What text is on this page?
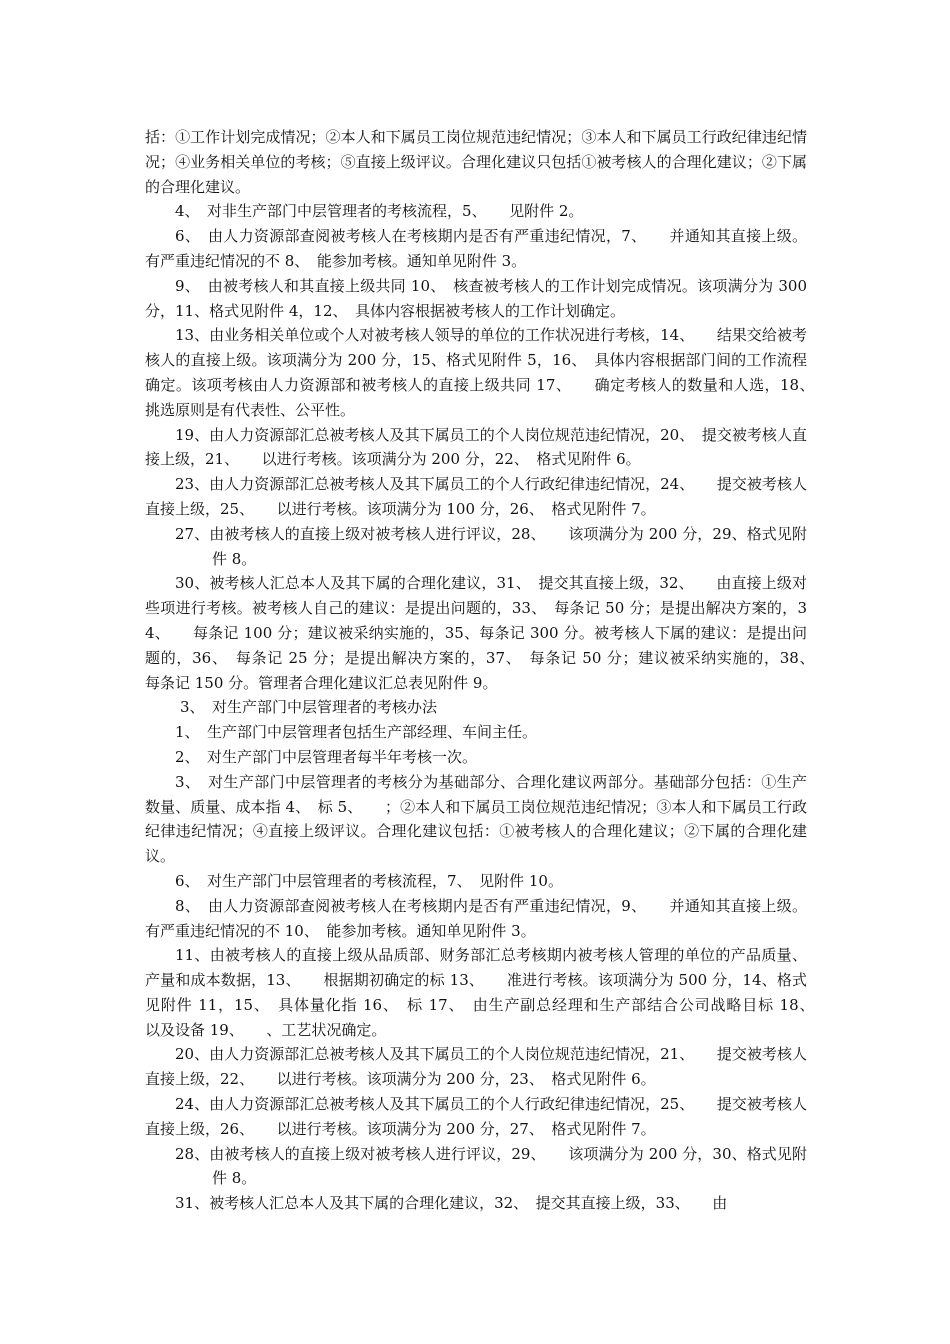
括：①工作计划完成情况；②本人和下属员工岗位规范违纪情况；③本人和下属员工行政纪律违纪情况；④业务相关单位的考核；⑤直接上级评议。合理化建议只包括①被考核人的合理化建议；②下属的合理化建议。

4、　对非生产部门中层管理者的考核流程，5、　　见附件 2。

6、　由人力资源部查阅被考核人在考核期内是否有严重违纪情况，7、　　并通知其直接上级。有严重违纪情况的不 8、　能参加考核。通知单见附件 3。

9、　由被考核人和其直接上级共同 10、　核查被考核人的工作计划完成情况。该项满分为 300 分，11、格式见附件 4，12、　具体内容根据被考核人的工作计划确定。

13、由业务相关单位或个人对被考核人领导的单位的工作状况进行考核，14、　　结果交给被考核人的直接上级。该项满分为 200 分，15、格式见附件 5，16、　具体内容根据部门间的工作流程确定。该项考核由人力资源部和被考核人的直接上级共同 17、　　确定考核人的数量和人选，18、　挑选原则是有代表性、公平性。

19、由人力资源部汇总被考核人及其下属员工的个人岗位规范违纪情况，20、　提交被考核人直接上级，21、　　以进行考核。该项满分为 200 分，22、　格式见附件 6。

23、由人力资源部汇总被考核人及其下属员工的个人行政纪律违纪情况，24、　　提交被考核人直接上级，25、　　以进行考核。该项满分为 100 分，26、　格式见附件 7。

27、由被考核人的直接上级对被考核人进行评议，28、　　该项满分为 200 分，29、格式见附件 8。

30、被考核人汇总本人及其下属的合理化建议，31、　提交其直接上级，32、　　由直接上级对些项进行考核。被考核人自己的建议：是提出问题的，33、　每条记 50 分；是提出解决方案的，34、　　每条记 100 分；建议被采纳实施的，35、每条记 300 分。被考核人下属的建议：是提出问题的，36、　每条记 25 分；是提出解决方案的，37、　每条记 50 分；建议被采纳实施的，38、　　每条记 150 分。管理者合理化建议汇总表见附件 9。

3、　对生产部门中层管理者的考核办法

1、　生产部门中层管理者包括生产部经理、车间主任。

2、　对生产部门中层管理者每半年考核一次。

3、　对生产部门中层管理者的考核分为基础部分、合理化建议两部分。基础部分包括：①生产数量、质量、成本指 4、　标 5、　　；②本人和下属员工岗位规范违纪情况；③本人和下属员工行政纪律违纪情况；④直接上级评议。合理化建议包括：①被考核人的合理化建议；②下属的合理化建议。

6、　对生产部门中层管理者的考核流程，7、　见附件 10。

8、　由人力资源部查阅被考核人在考核期内是否有严重违纪情况，9、　　并通知其直接上级。有严重违纪情况的不 10、　能参加考核。通知单见附件 3。

11、由被考核人的直接上级从品质部、财务部汇总考核期内被考核人管理的单位的产品质量、产量和成本数据，13、　　根据期初确定的标 13、　　准进行考核。该项满分为 500 分，14、格式见附件 11，15、　具体量化指 16、　标 17、　由生产副总经理和生产部结合公司战略目标 18、　　以及设备 19、　　、工艺状况确定。

20、由人力资源部汇总被考核人及其下属员工的个人岗位规范违纪情况，21、　　提交被考核人直接上级，22、　　以进行考核。该项满分为 200 分，23、　格式见附件 6。

24、由人力资源部汇总被考核人及其下属员工的个人行政纪律违纪情况，25、　　提交被考核人直接上级，26、　　以进行考核。该项满分为 200 分，27、　格式见附件 7。

28、由被考核人的直接上级对被考核人进行评议，29、　　该项满分为 200 分，30、格式见附件 8。

31、被考核人汇总本人及其下属的合理化建议，32、　提交其直接上级，33、　　由
